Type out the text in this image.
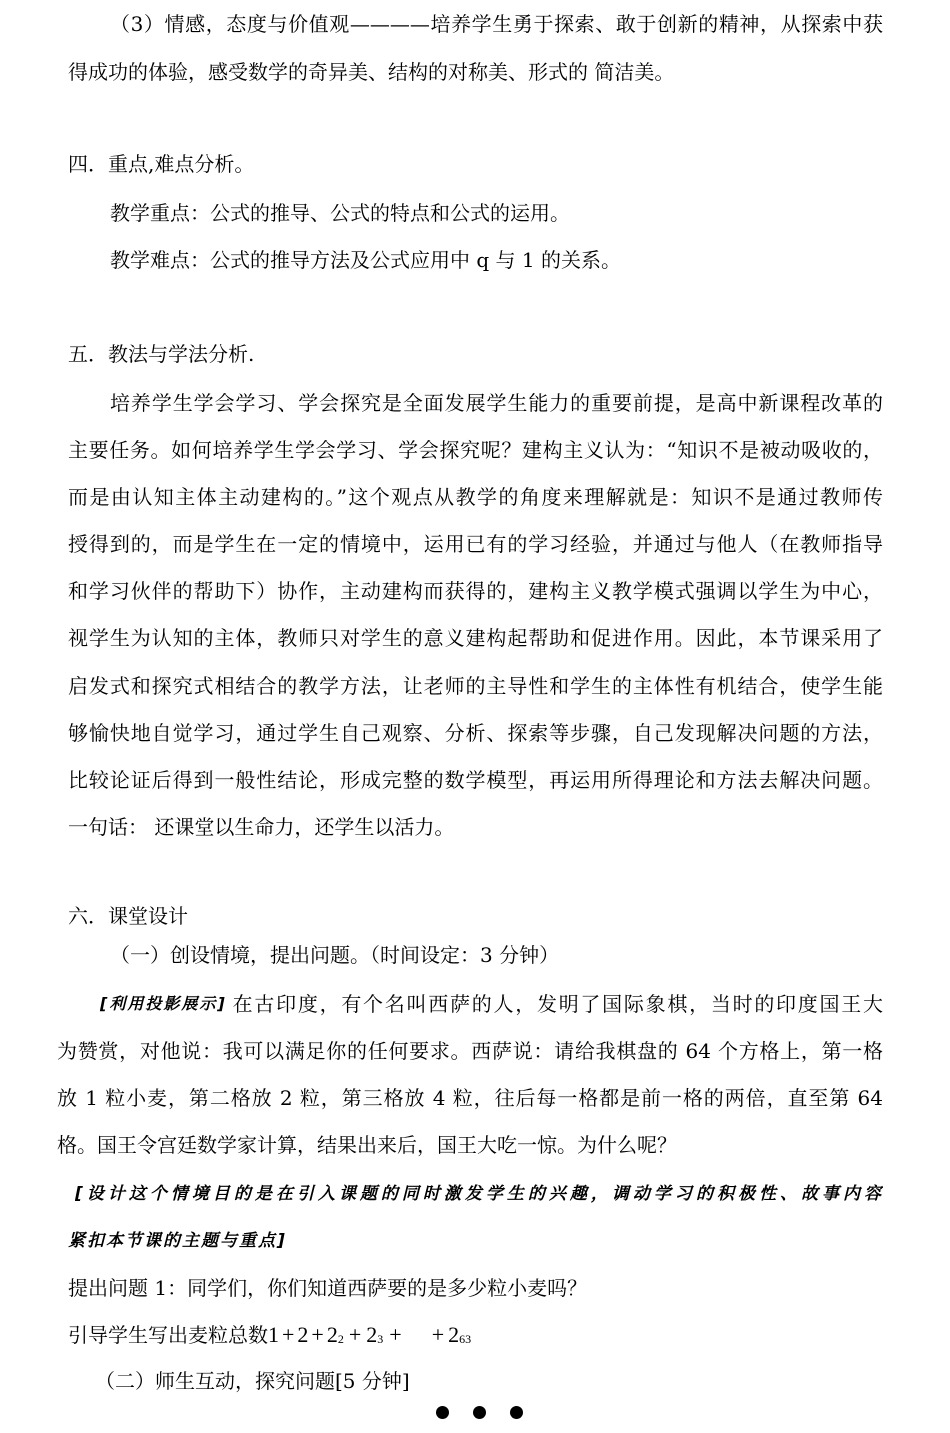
（3）情感，态度与价值观————培养学生勇于探索、敢于创新的精神，从探索中获
得成功的体验，感受数学的奇异美、结构的对称美、形式的 简洁美。
四．重点,难点分析。
教学重点：公式的推导、公式的特点和公式的运用。
教学难点：公式的推导方法及公式应用中 q 与 1 的关系。
五．教法与学法分析.
培养学生学会学习、学会探究是全面发展学生能力的重要前提，是高中新课程改革的
主要任务。如何培养学生学会学习、学会探究呢？建构主义认为：“知识不是被动吸收的，
而是由认知主体主动建构的。”这个观点从教学的角度来理解就是：知识不是通过教师传
授得到的，而是学生在一定的情境中，运用已有的学习经验，并通过与他人（在教师指导
和学习伙伴的帮助下）协作，主动建构而获得的，建构主义教学模式强调以学生为中心，
视学生为认知的主体，教师只对学生的意义建构起帮助和促进作用。因此，本节课采用了
启发式和探究式相结合的教学方法，让老师的主导性和学生的主体性有机结合，使学生能
够愉快地自觉学习，通过学生自己观察、分析、探索等步骤，自己发现解决问题的方法，
比较论证后得到一般性结论，形成完整的数学模型，再运用所得理论和方法去解决问题。
一句话： 还课堂以生命力，还学生以活力。
六．课堂设计
（一）创设情境，提出问题。（时间设定：3 分钟）
[利用投影展示] 在古印度，有个名叫西萨的人，发明了国际象棋，当时的印度国王大
为赞赏，对他说：我可以满足你的任何要求。西萨说：请给我棋盘的 64 个方格上，第一格
放 1 粒小麦，第二格放 2 粒，第三格放 4 粒，往后每一格都是前一格的两倍，直至第 64
格。国王令宫廷数学家计算，结果出来后，国王大吃一惊。为什么呢？
[设计这个情境目的是在引入课题的同时激发学生的兴趣，调动学习的积极性、故事内容
紧扣本节课的主题与重点]
提出问题 1：同学们，你们知道西萨要的是多少粒小麦吗？
引导学生写出麦粒总数 $1 + 2 + 2^2 + 2^3$ + + $2^{63}$
（二）师生互动，探究问题[5 分钟]
